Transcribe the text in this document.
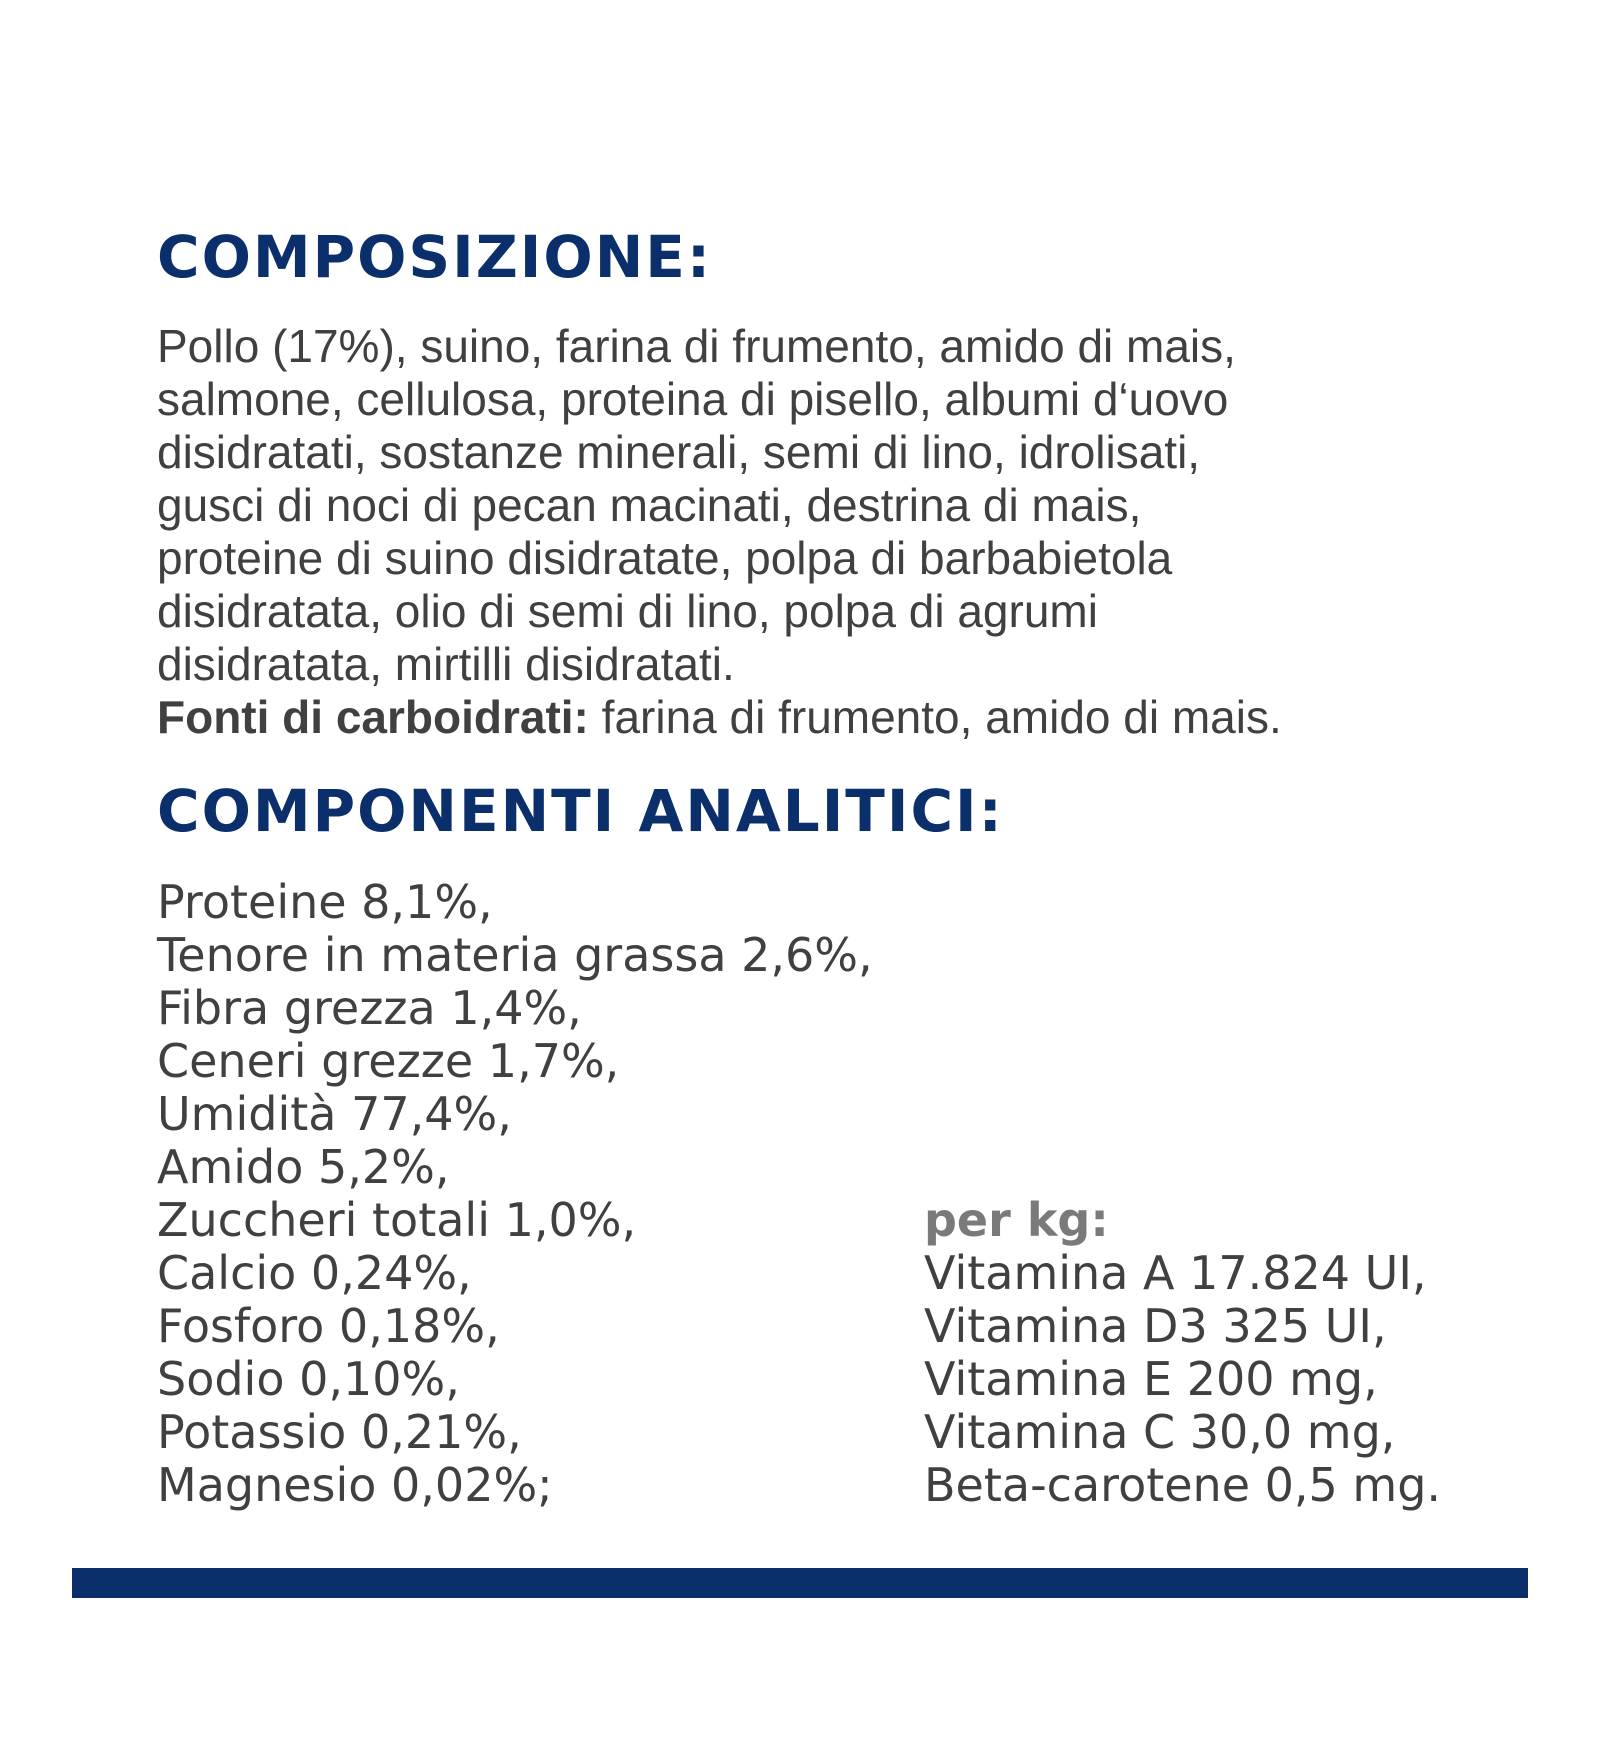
COMPOSIZIONE:
Pollo (17%), suino, farina di frumento, amido di mais,
salmone, cellulosa, proteina di pisello, albumi d‘uovo
disidratati, sostanze minerali, semi di lino, idrolisati,
gusci di noci di pecan macinati, destrina di mais,
proteine di suino disidratate, polpa di barbabietola
disidratata, olio di semi di lino, polpa di agrumi
disidratata, mirtilli disidratati.
Fonti di carboidrati: farina di frumento, amido di mais.
COMPONENTI ANALITICI:
Proteine 8,1%,
Tenore in materia grassa 2,6%,
Fibra grezza 1,4%,
Ceneri grezze 1,7%,
Umidità 77,4%,
Amido 5,2%,
Zuccheri totali 1,0%,
Calcio 0,24%,
Fosforo 0,18%,
Sodio 0,10%,
Potassio 0,21%,
Magnesio 0,02%;
per kg:
Vitamina A 17.824 UI,
Vitamina D3 325 UI,
Vitamina E 200 mg,
Vitamina C 30,0 mg,
Beta-carotene 0,5 mg.
